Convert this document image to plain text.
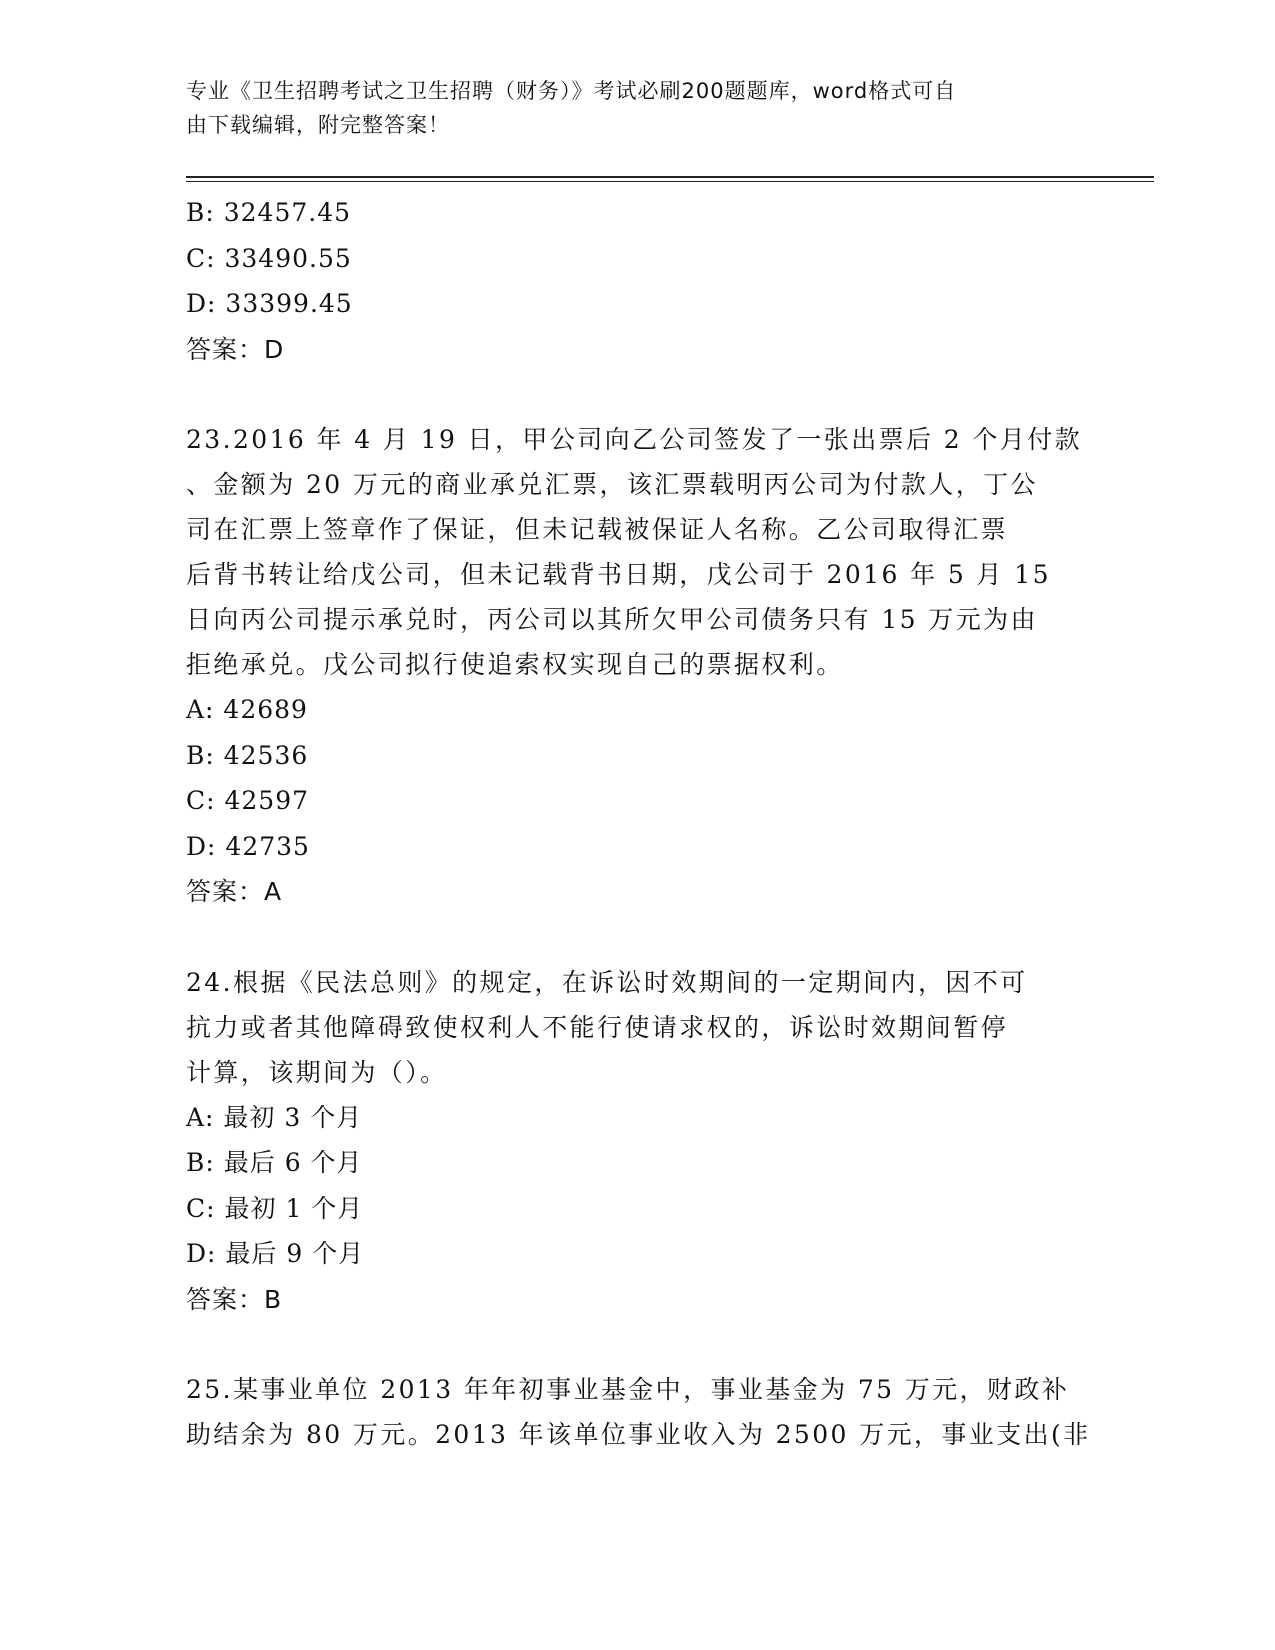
专业《卫生招聘考试之卫生招聘（财务）》考试必刷200题题库，word格式可自
由下载编辑，附完整答案！
B: 32457.45
C: 33490.55
D: 33399.45
答案：D
23.2016 年 4 月 19 日，甲公司向乙公司签发了一张出票后 2 个月付款
、金额为 20 万元的商业承兑汇票，该汇票载明丙公司为付款人，丁公
司在汇票上签章作了保证，但未记载被保证人名称。乙公司取得汇票
后背书转让给戊公司，但未记载背书日期，戊公司于 2016 年 5 月 15
日向丙公司提示承兑时，丙公司以其所欠甲公司债务只有 15 万元为由
拒绝承兑。戊公司拟行使追索权实现自己的票据权利。
A: 42689
B: 42536
C: 42597
D: 42735
答案：A
24.根据《民法总则》的规定，在诉讼时效期间的一定期间内，因不可
抗力或者其他障碍致使权利人不能行使请求权的，诉讼时效期间暂停
计算，该期间为（）。
A: 最初 3 个月
B: 最后 6 个月
C: 最初 1 个月
D: 最后 9 个月
答案：B
25.某事业单位 2013 年年初事业基金中，事业基金为 75 万元，财政补
助结余为 80 万元。2013 年该单位事业收入为 2500 万元，事业支出(非
